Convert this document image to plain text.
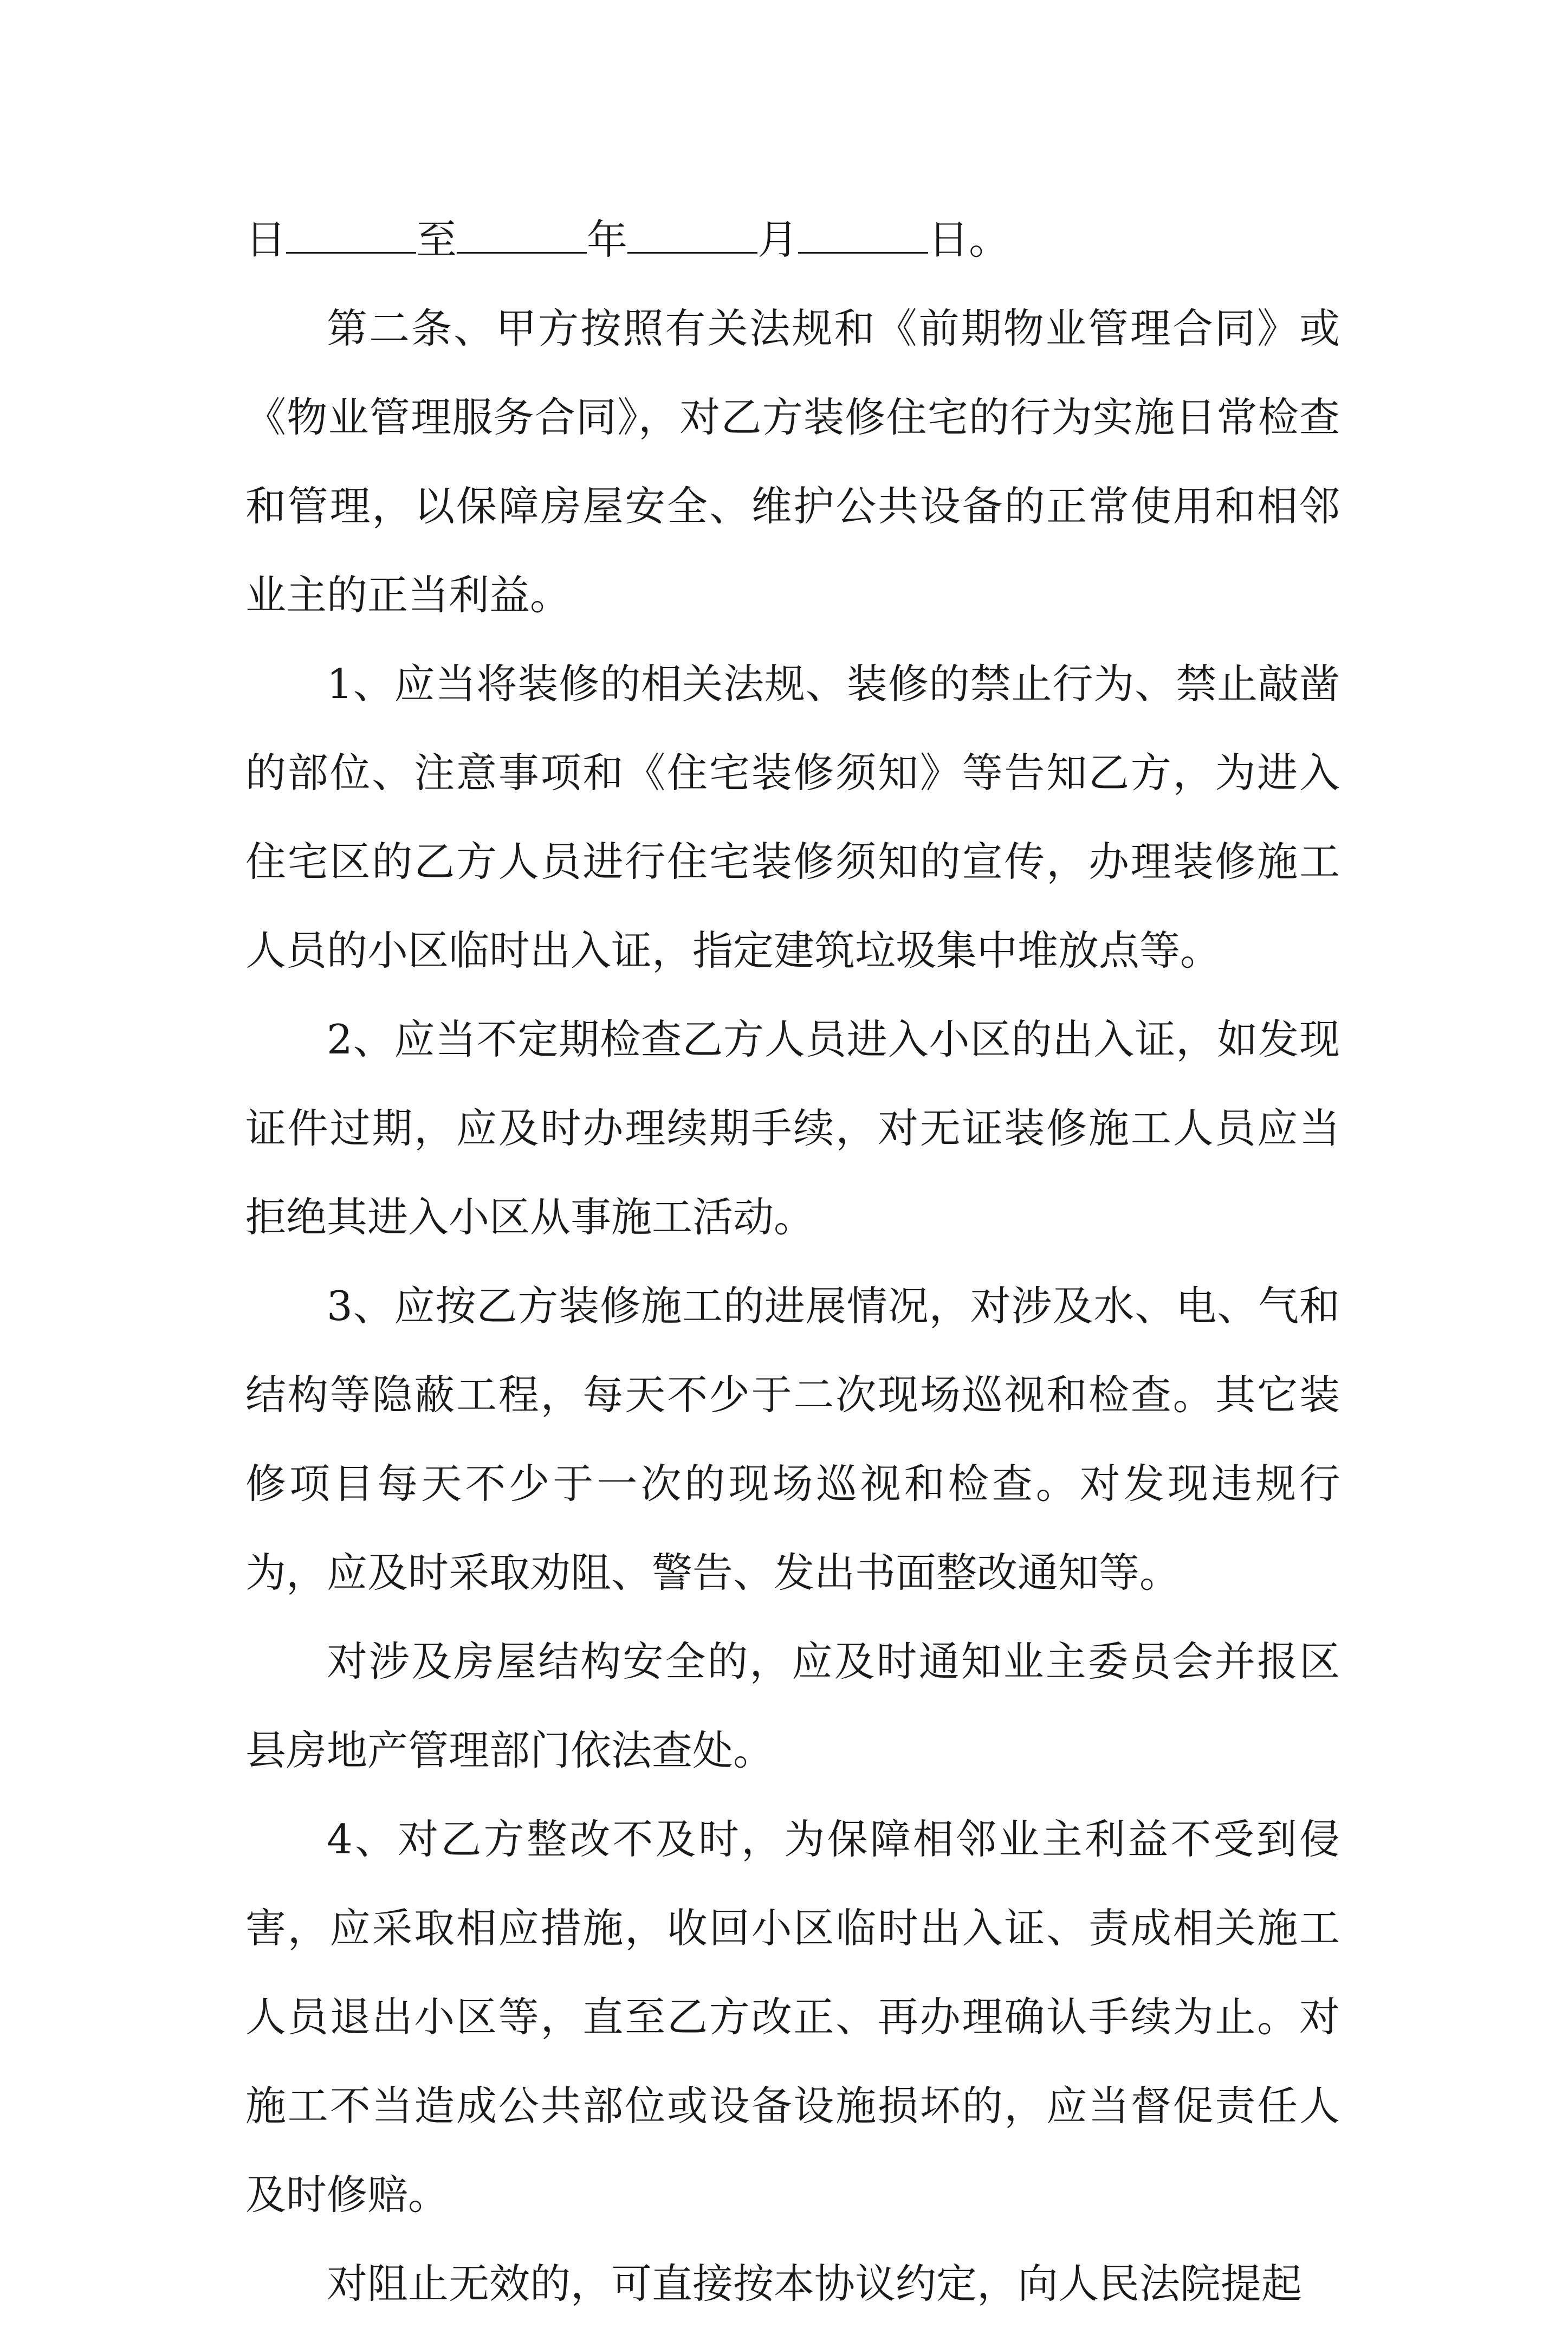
日	至	年	月	日。

第二条、甲方按照有关法规和《前期物业管理合同》或《物业管理服务合同》，对乙方装修住宅的行为实施日常检查和管理，以保障房屋安全、维护公共设备的正常使用和相邻业主的正当利益。

1、应当将装修的相关法规、装修的禁止行为、禁止敲凿的部位、注意事项和《住宅装修须知》等告知乙方，为进入住宅区的乙方人员进行住宅装修须知的宣传，办理装修施工人员的小区临时出入证，指定建筑垃圾集中堆放点等。

2、应当不定期检查乙方人员进入小区的出入证，如发现证件过期，应及时办理续期手续，对无证装修施工人员应当拒绝其进入小区从事施工活动。

3、应按乙方装修施工的进展情况，对涉及水、电、气和结构等隐蔽工程，每天不少于二次现场巡视和检查。其它装修项目每天不少于一次的现场巡视和检查。对发现违规行为，应及时采取劝阻、警告、发出书面整改通知等。

对涉及房屋结构安全的，应及时通知业主委员会并报区县房地产管理部门依法查处。

4、对乙方整改不及时，为保障相邻业主利益不受到侵害，应采取相应措施，收回小区临时出入证、责成相关施工人员退出小区等，直至乙方改正、再办理确认手续为止。对施工不当造成公共部位或设备设施损坏的，应当督促责任人及时修赔。

对阻止无效的，可直接按本协议约定，向人民法院提起
